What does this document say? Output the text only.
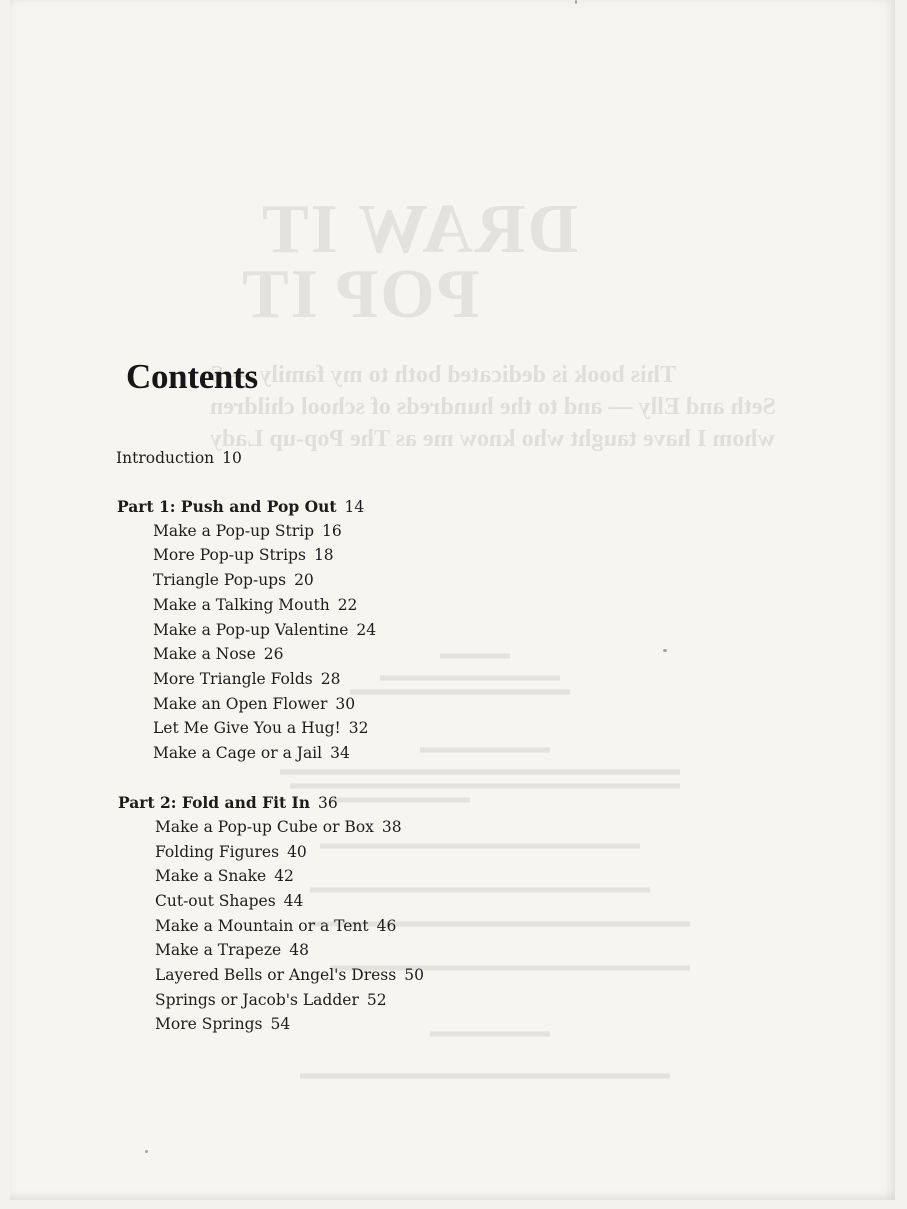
DRAW IT
POP IT
This book is dedicated both to my family — S
Seth and Elly — and to the hundreds of school children
whom I have taught who know me as The Pop-up Lady
Contents
Introduction 10
Part 1: Push and Pop Out 14
Make a Pop-up Strip 16
More Pop-up Strips 18
Triangle Pop-ups 20
Make a Talking Mouth 22
Make a Pop-up Valentine 24
Make a Nose 26
More Triangle Folds 28
Make an Open Flower 30
Let Me Give You a Hug! 32
Make a Cage or a Jail 34
Part 2: Fold and Fit In 36
Make a Pop-up Cube or Box 38
Folding Figures 40
Make a Snake 42
Cut-out Shapes 44
Make a Mountain or a Tent 46
Make a Trapeze 48
Layered Bells or Angel's Dress 50
Springs or Jacob's Ladder 52
More Springs 54
